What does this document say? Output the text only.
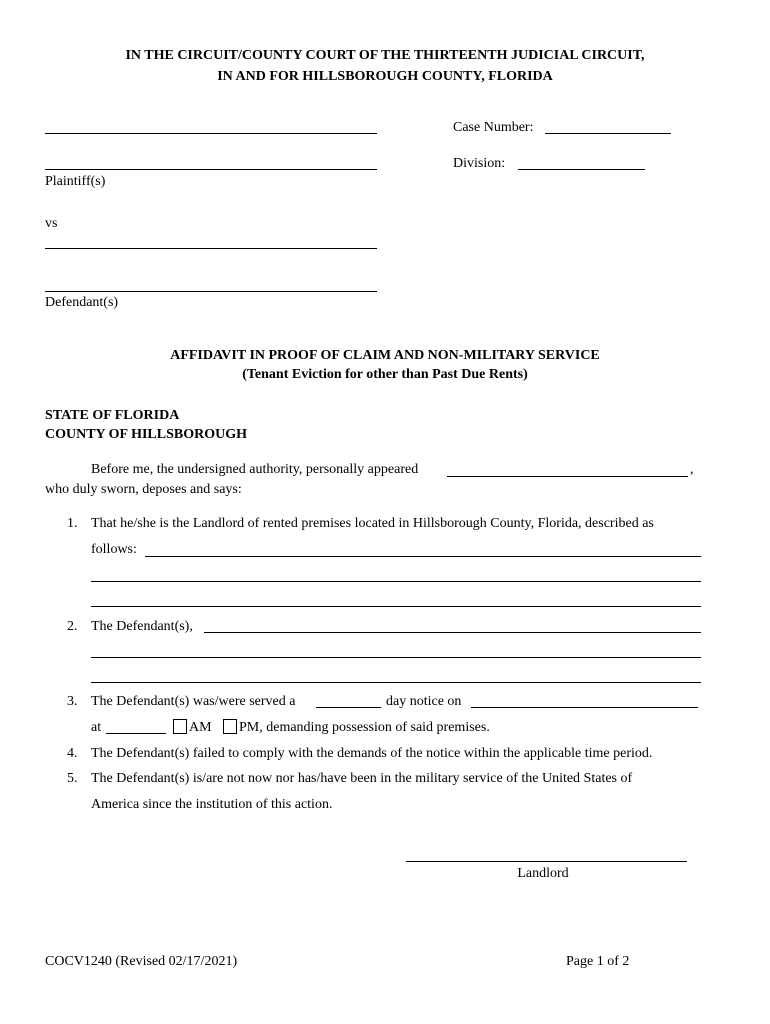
IN THE CIRCUIT/COUNTY COURT OF THE THIRTEENTH JUDICIAL CIRCUIT,
IN AND FOR HILLSBOROUGH COUNTY, FLORIDA
Plaintiff(s)
vs
Defendant(s)
Case Number:
Division:
AFFIDAVIT IN PROOF OF CLAIM AND NON-MILITARY SERVICE
(Tenant Eviction for other than Past Due Rents)
STATE OF FLORIDA
COUNTY OF HILLSBOROUGH
Before me, the undersigned authority, personally appeared	,
who duly sworn, deposes and says:
1. That he/she is the Landlord of rented premises located in Hillsborough County, Florida, described as
follows:
2. The Defendant(s),
3. The Defendant(s) was/were served a	day notice on
at	AM PM, demanding possession of said premises.
4. The Defendant(s) failed to comply with the demands of the notice within the applicable time period.
5. The Defendant(s) is/are not now nor has/have been in the military service of the United States of
America since the institution of this action.
Landlord
COCV1240 (Revised 02/17/2021)	Page 1 of 2
